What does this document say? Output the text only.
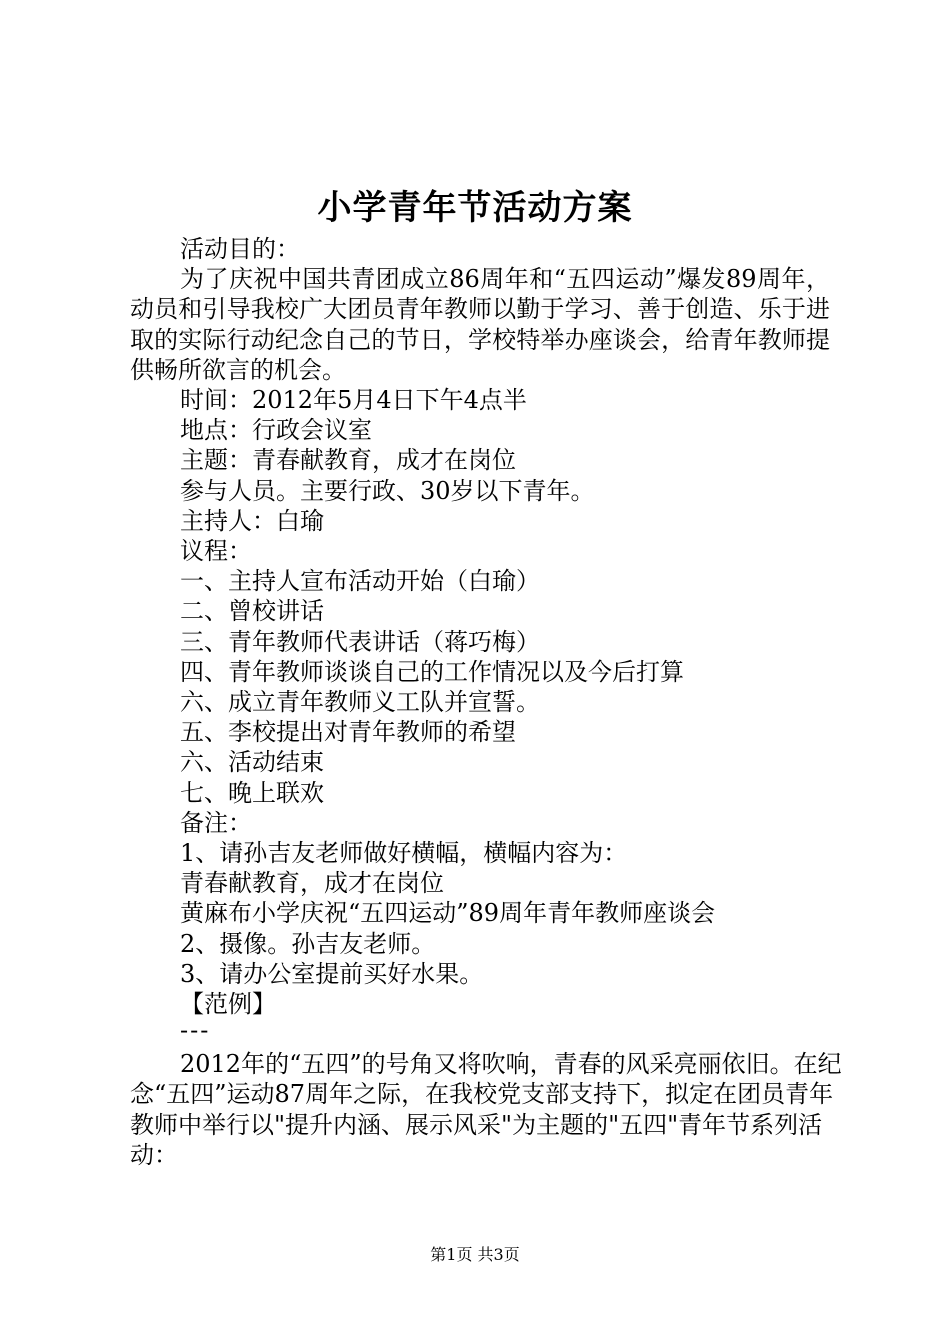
小学青年节活动方案

活动目的：

为了庆祝中国共青团成立86周年和“五四运动”爆发89周年，动员和引导我校广大团员青年教师以勤于学习、善于创造、乐于进取的实际行动纪念自己的节日，学校特举办座谈会，给青年教师提供畅所欲言的机会。

时间：2012年5月4日下午4点半

地点：行政会议室

主题：青春献教育，成才在岗位

参与人员。主要行政、30岁以下青年。

主持人：白瑜

议程：

一、主持人宣布活动开始（白瑜）

二、曾校讲话

三、青年教师代表讲话（蒋巧梅）

四、青年教师谈谈自己的工作情况以及今后打算

六、成立青年教师义工队并宣誓。

五、李校提出对青年教师的希望

六、活动结束

七、晚上联欢

备注：

1、请孙吉友老师做好横幅，横幅内容为：

青春献教育，成才在岗位

黄麻布小学庆祝“五四运动”89周年青年教师座谈会

2、摄像。孙吉友老师。

3、请办公室提前买好水果。

【范例】

---

2012年的“五四”的号角又将吹响，青春的风采亮丽依旧。在纪念“五四”运动87周年之际，在我校党支部支持下，拟定在团员青年教师中举行以"提升内涵、展示风采"为主题的"五四"青年节系列活动：

第1页 共3页
